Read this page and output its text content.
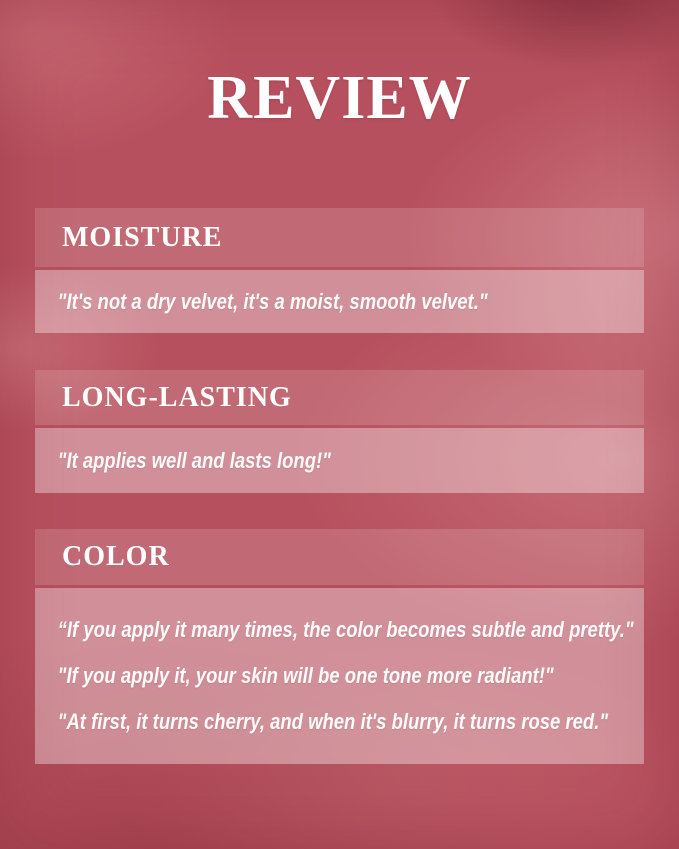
REVIEW
MOISTURE
"It's not a dry velvet, it's a moist, smooth velvet."
LONG-LASTING
"It applies well and lasts long!"
COLOR
“If you apply it many times, the color becomes subtle and pretty."
"If you apply it, your skin will be one tone more radiant!"
"At first, it turns cherry, and when it's blurry, it turns rose red."
